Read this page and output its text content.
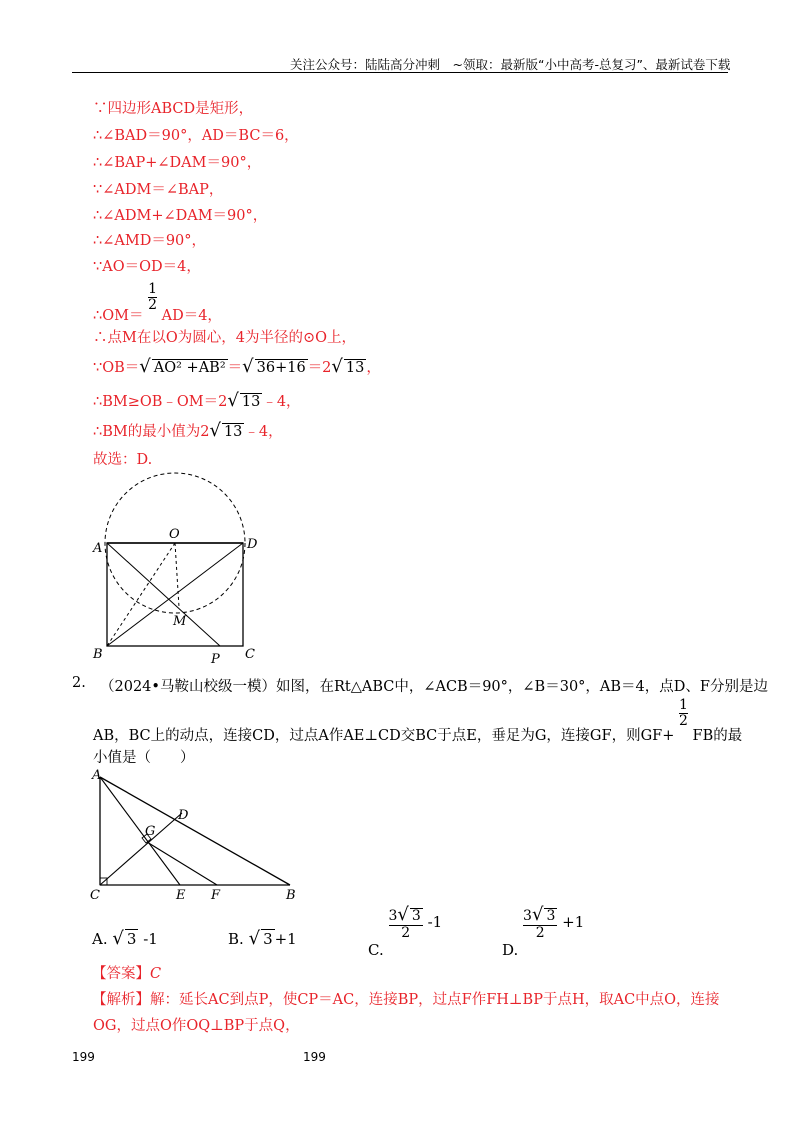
关注公众号：陆陆高分冲刺　~领取：最新版“小中高考-总复习”、最新试卷下载
∵四边形ABCD是矩形，
∴∠BAD＝90°，AD＝BC＝6，
∴∠BAP+∠DAM＝90°，
∵∠ADM＝∠BAP，
∴∠ADM+∠DAM＝90°，
∴∠AMD＝90°，
∵AO＝OD＝4，
∴OM＝
$\frac{1}{2}$
AD＝4，
∴点M在以O为圆心，4为半径的⊙O上，
∵OB＝√ AO² +AB² ＝√ 36+16 ＝2√ 13 ，
∴BM≥OB﹣OM＝2√ 13 ﹣4，
∴BM的最小值为2√ 13 ﹣4，
故选：D.
A
O
D
M
B	P C
2. （2024•马鞍山校级一模）如图，在Rt△ABC中，∠ACB＝90°，∠B＝30°，AB＝4，点D、F分别是边
AB，BC上的动点，连接CD，过点A作AE⊥CD交BC于点E，垂足为G，连接GF，则GF+
$\frac{1}{2}$
FB的最
小值是（　　）
A
D
G
C	E F	B
A. √ 3 -1	B. √ 3 +1
C.
$\frac{3√ 3}{2} -1$
D.
$\frac{3√ 3}{2} +1$
【答案】C
【解析】解：延长AC到点P，使CP＝AC，连接BP，过点F作FH⊥BP于点H，取AC中点O，连接
OG，过点O作OQ⊥BP于点Q，
199	199
